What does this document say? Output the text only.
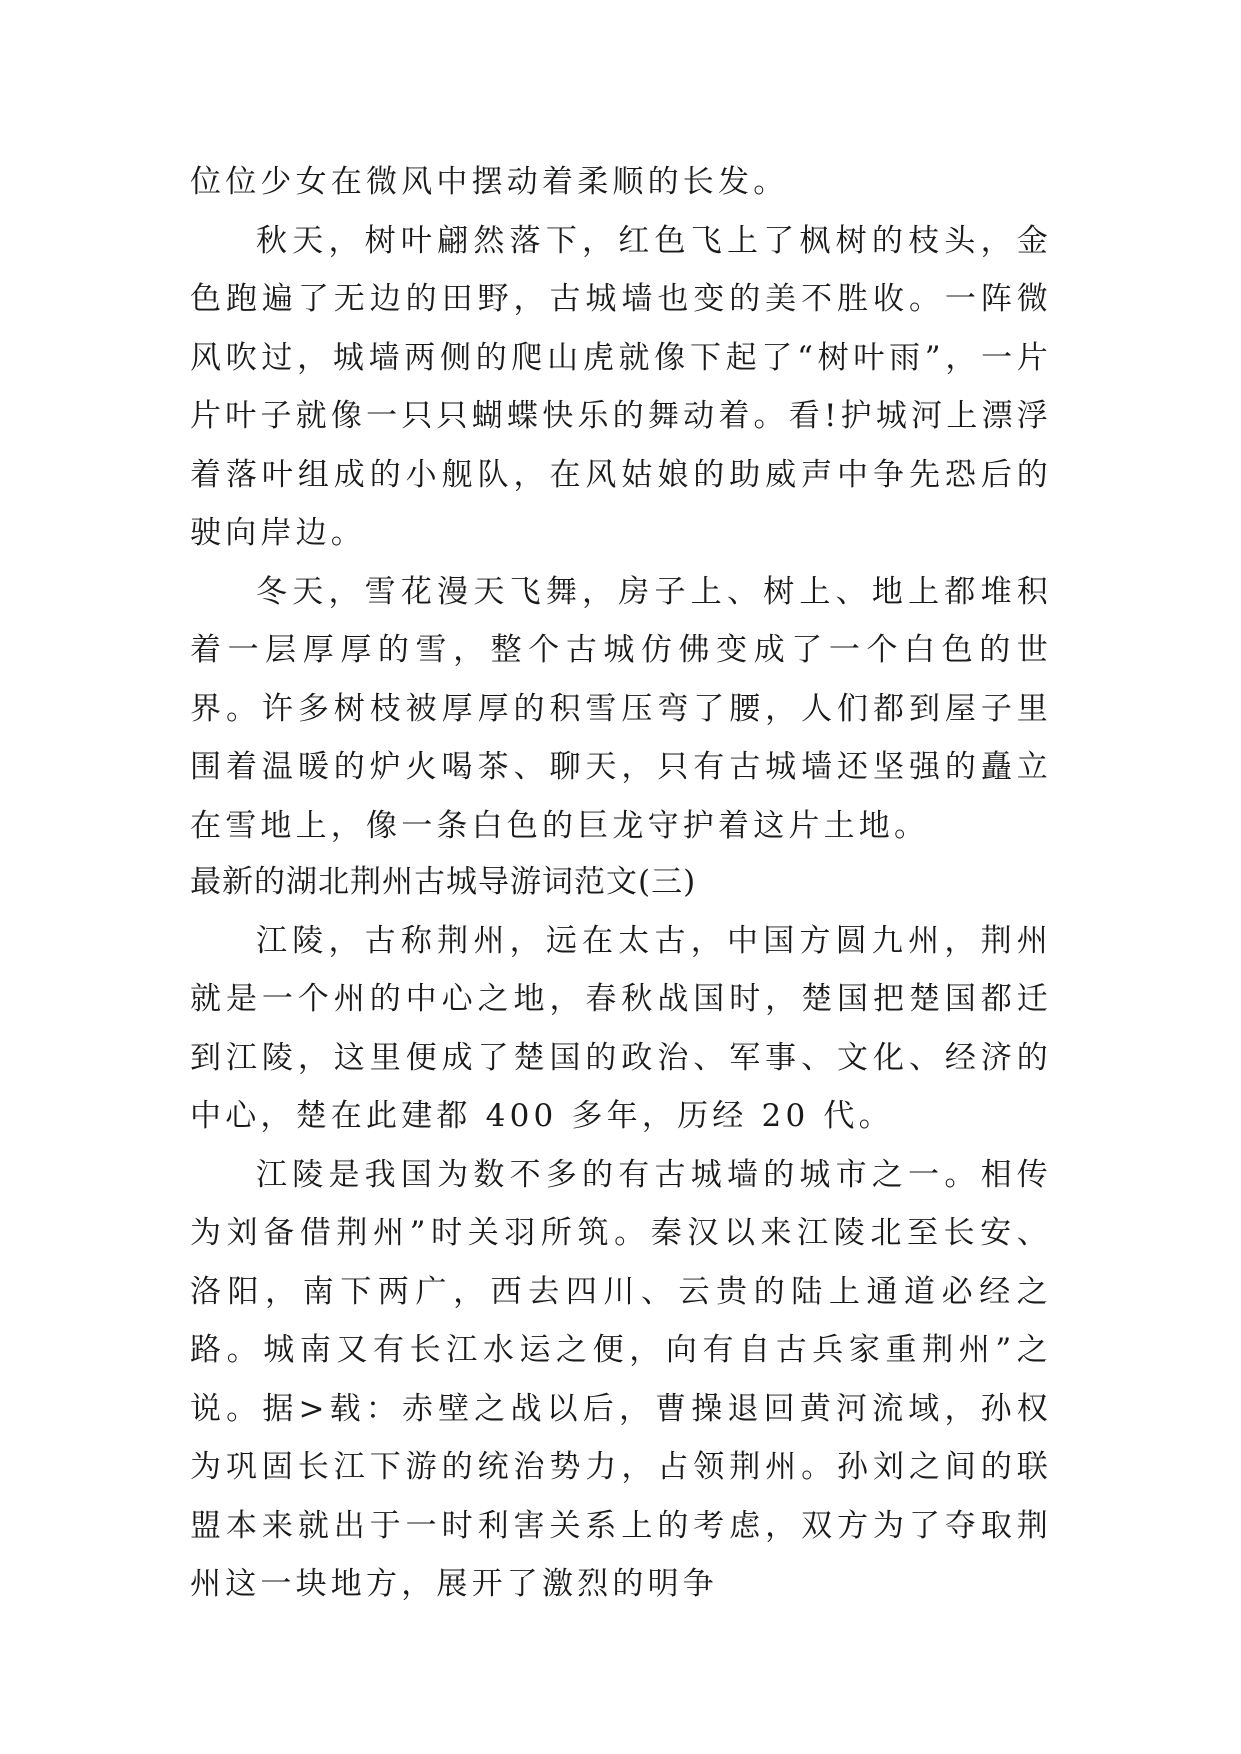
位位少女在微风中摆动着柔顺的长发。

秋天，树叶翩然落下，红色飞上了枫树的枝头，金色跑遍了无边的田野，古城墙也变的美不胜收。一阵微风吹过，城墙两侧的爬山虎就像下起了“树叶雨”，一片片叶子就像一只只蝴蝶快乐的舞动着。看!护城河上漂浮着落叶组成的小舰队，在风姑娘的助威声中争先恐后的驶向岸边。

冬天，雪花漫天飞舞，房子上、树上、地上都堆积着一层厚厚的雪，整个古城仿佛变成了一个白色的世界。许多树枝被厚厚的积雪压弯了腰，人们都到屋子里围着温暖的炉火喝茶、聊天，只有古城墙还坚强的矗立在雪地上，像一条白色的巨龙守护着这片土地。

最新的湖北荆州古城导游词范文(三)

江陵，古称荆州，远在太古，中国方圆九州，荆州就是一个州的中心之地，春秋战国时，楚国把楚国都迁到江陵，这里便成了楚国的政治、军事、文化、经济的中心，楚在此建都 400 多年，历经 20 代。

江陵是我国为数不多的有古城墙的城市之一。相传为刘备借荆州”时关羽所筑。秦汉以来江陵北至长安、洛阳，南下两广，西去四川、云贵的陆上通道必经之路。城南又有长江水运之便，向有自古兵家重荆州”之说。据>载：赤壁之战以后，曹操退回黄河流域，孙权为巩固长江下游的统治势力，占领荆州。孙刘之间的联盟本来就出于一时利害关系上的考虑，双方为了夺取荆州这一块地方，展开了激烈的明争
